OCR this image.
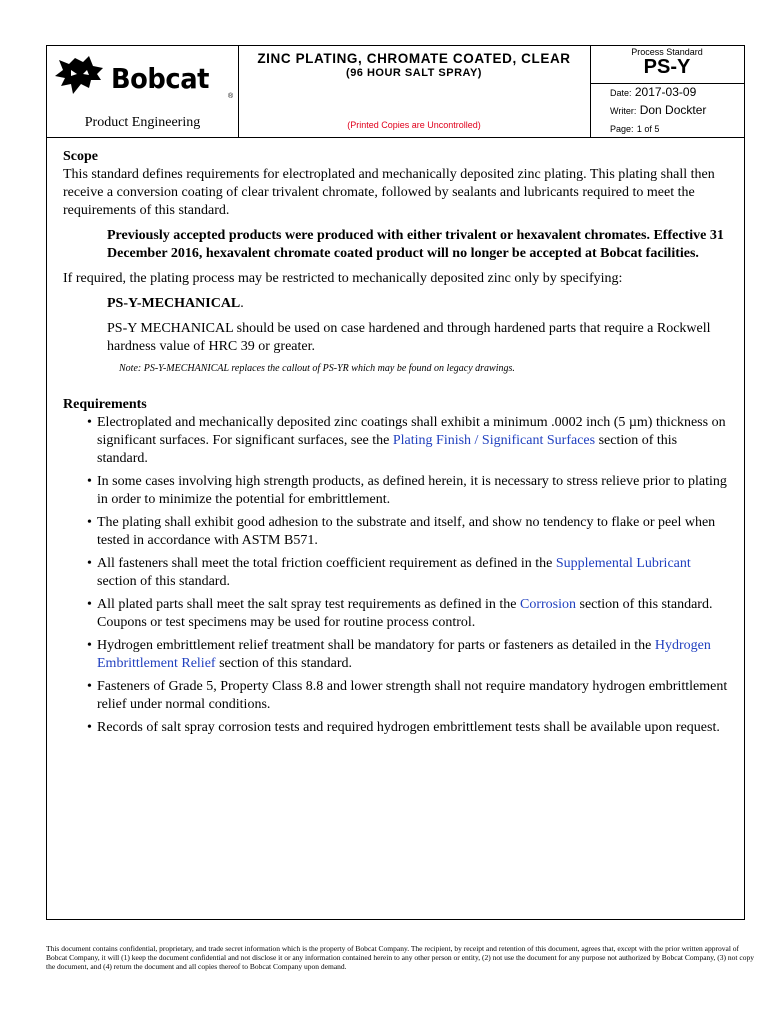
Bobcat
®
Product Engineering
ZINC PLATING, CHROMATE COATED, CLEAR
(96 HOUR SALT SPRAY)
(Printed Copies are Uncontrolled)
Process Standard
PS-Y
Date: 2017-03-09
Writer: Don Dockter
Page: 1 of 5
Scope

This standard defines requirements for electroplated and mechanically deposited zinc plating. This plating shall then receive a conversion coating of clear trivalent chromate, followed by sealants and lubricants required to meet the requirements of this standard.

Previously accepted products were produced with either trivalent or hexavalent chromates. Effective 31 December 2016, hexavalent chromate coated product will no longer be accepted at Bobcat facilities.

If required, the plating process may be restricted to mechanically deposited zinc only by specifying:

PS-Y-MECHANICAL.

PS-Y MECHANICAL should be used on case hardened and through hardened parts that require a Rockwell hardness value of HRC 39 or greater.

Note: PS-Y-MECHANICAL replaces the callout of PS-YR which may be found on legacy drawings.

Requirements
• Electroplated and mechanically deposited zinc coatings shall exhibit a minimum .0002 inch (5 µm) thickness on significant surfaces. For significant surfaces, see the Plating Finish / Significant Surfaces section of this standard.
• In some cases involving high strength products, as defined herein, it is necessary to stress relieve prior to plating in order to minimize the potential for embrittlement.
• The plating shall exhibit good adhesion to the substrate and itself, and show no tendency to flake or peel when tested in accordance with ASTM B571.
• All fasteners shall meet the total friction coefficient requirement as defined in the Supplemental Lubricant section of this standard.
• All plated parts shall meet the salt spray test requirements as defined in the Corrosion section of this standard. Coupons or test specimens may be used for routine process control.
• Hydrogen embrittlement relief treatment shall be mandatory for parts or fasteners as detailed in the Hydrogen Embrittlement Relief section of this standard.
• Fasteners of Grade 5, Property Class 8.8 and lower strength shall not require mandatory hydrogen embrittlement relief under normal conditions.
• Records of salt spray corrosion tests and required hydrogen embrittlement tests shall be available upon request.
This document contains confidential, proprietary, and trade secret information which is the property of Bobcat Company. The recipient, by receipt and retention of this document, agrees that, except with the prior written approval of Bobcat Company, it will (1) keep the document confidential and not disclose it or any information contained herein to any other person or entity, (2) not use the document for any purpose not authorized by Bobcat Company, (3) not copy the document, and (4) return the document and all copies thereof to Bobcat Company upon demand.
